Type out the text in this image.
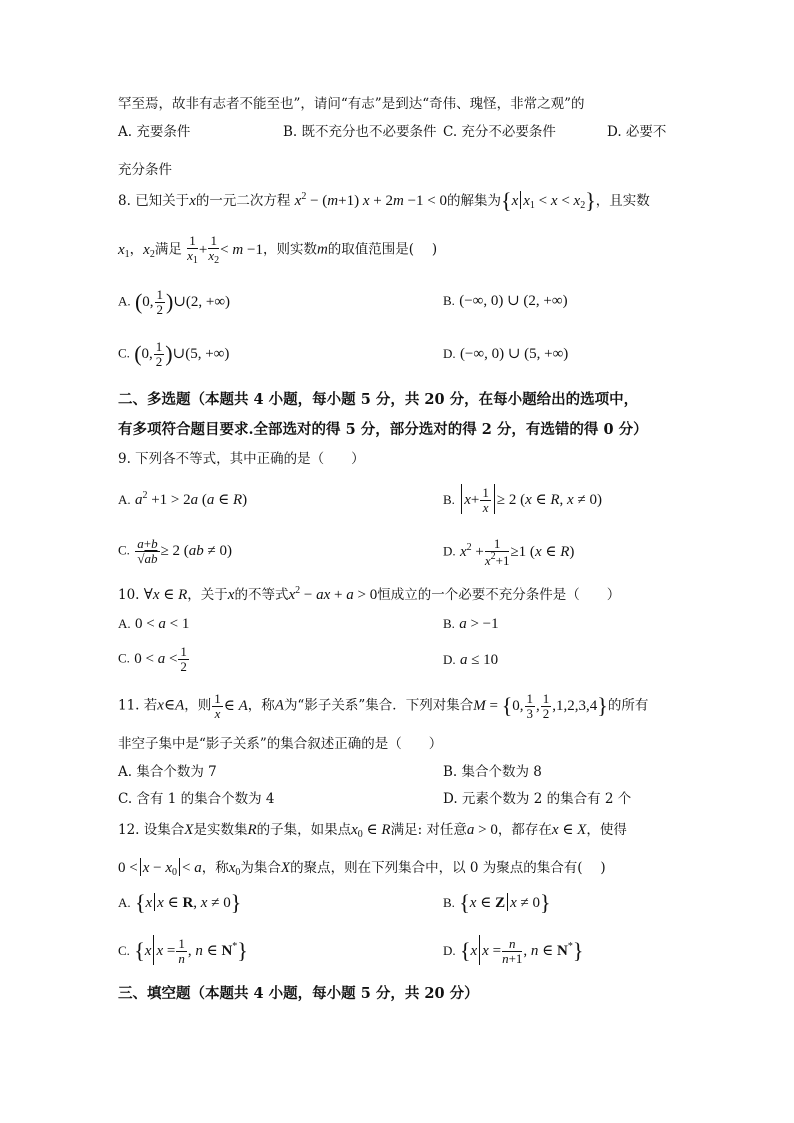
罕至焉，故非有志者不能至也”，请问“有志”是到达“奇伟、瑰怪，非常之观”的
A. 充要条件	B. 既不充分也不必要条件 C. 充分不必要条件	D. 必要不
充分条件
8. 已知关于x的一元二次方程 $x^2 - (m+1) x + 2m -1 < 0$的解集为{x $x_1 < x < x_2$}，且实数
$x_1$，$x_2$满足 $\frac{1}{x_1} + \frac{1}{x_2} < m -1$，则实数m的取值范围是(　 )
A. (0, $\frac{1}{2}$ )∪(2, +∞)	B. (−∞, 0) ∪ (2, +∞)
C. (0, $\frac{1}{2}$ )∪(5, +∞)	D. (−∞, 0) ∪ (5, +∞)
二、多选题（本题共 4 小题，每小题 5 分，共 20 分，在每小题给出的选项中，
有多项符合题目要求.全部选对的得 5 分，部分选对的得 2 分，有选错的得 0 分）
9. 下列各不等式，其中正确的是（　　）
A. $a^2 +1 > 2a$ (a ∈ R)	B. $x+ \frac{1}{x} \ge 2$ (x ∈ R, x ≠ 0)
C. $\frac{a+b}{√ab} \ge 2$ (ab ≠ 0)	D. $x^2 + \frac{1}{x^2+1} \ge 1$ (x ∈ R)
10. ∀x ∈ R，关于x的不等式$x^2$ − ax + a > 0恒成立的一个必要不充分条件是（　　）
A. 0 < a < 1	B. a > −1
C. $0 < a < \frac{1}{2}$	D. a ≤ 10
11. 若x∈A，则 $\frac{1}{x}$ ∈ A，称A为“影子关系”集合．下列对集合M = {0, $\frac{1}{3}$ , $\frac{1}{2} ,1,2,3,4$}的所有
非空子集中是“影子关系”的集合叙述正确的是（　　）
A. 集合个数为 7	B. 集合个数为 8
C. 含有 1 的集合个数为 4	D. 元素个数为 2 的集合有 2 个
12. 设集合X是实数集R的子集，如果点$x_0$ ∈ R满足: 对任意a > 0，都存在x ∈ X，使得
$0 < x - x_0 < a$，称$x_0$为集合X的聚点，则在下列集合中，以 0 为聚点的集合有(　 )
A. {x x ∈ R, x ≠ 0}	B. {x ∈ Z x ≠ 0}
C. {x $x = \frac{1}{n}$ , n ∈ N*}	D. {x $x = \frac{n}{n+1}$ , n ∈ N*}
三、填空题（本题共 4 小题，每小题 5 分，共 20 分）
